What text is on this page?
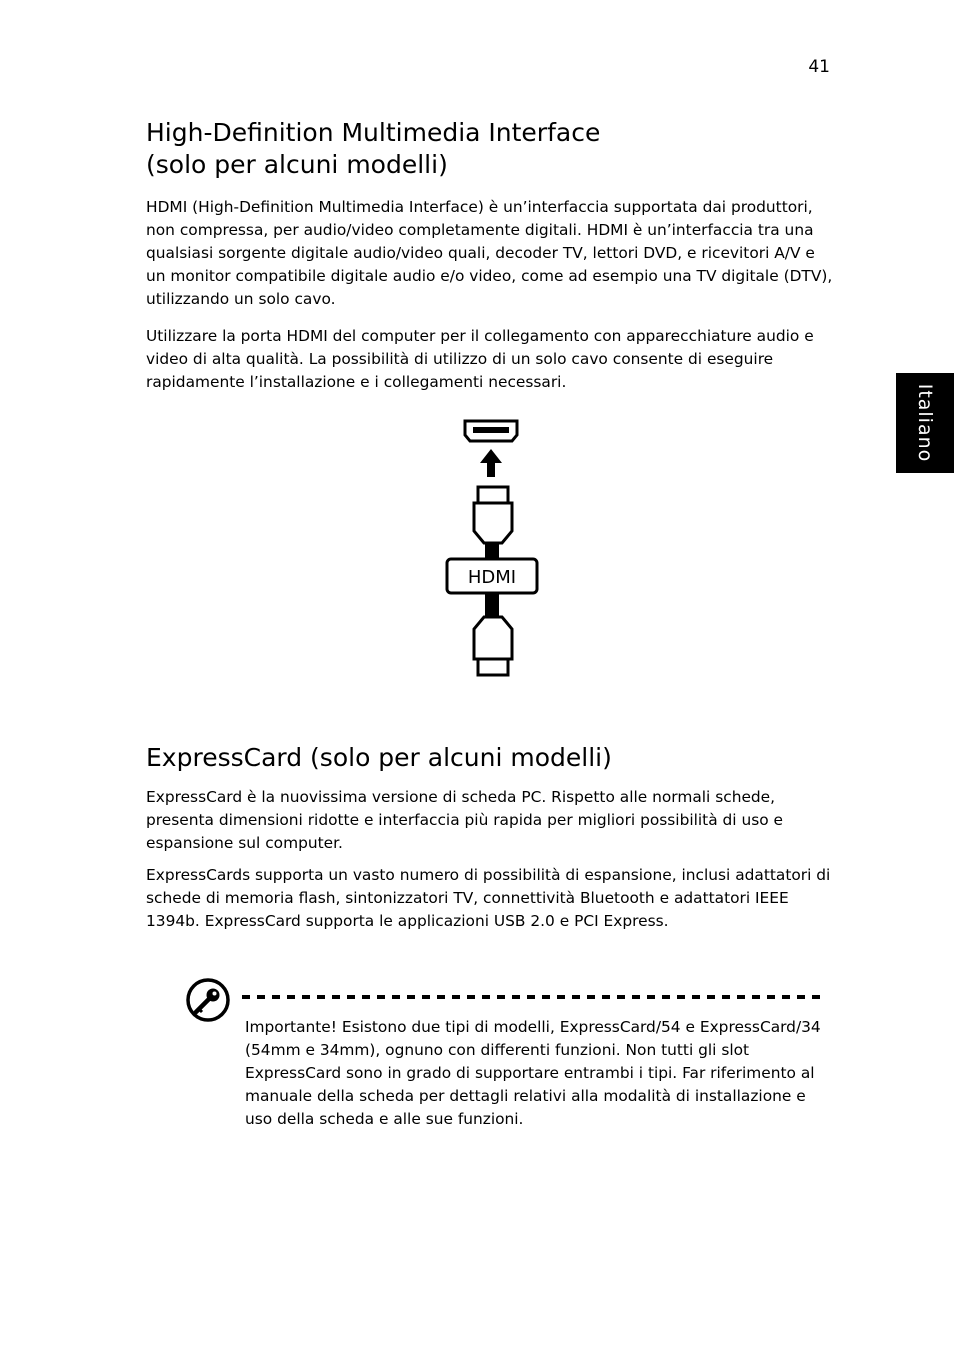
41
Italiano
High-Definition Multimedia Interface
(solo per alcuni modelli)

HDMI (High-Definition Multimedia Interface) è un’interfaccia supportata dai produttori, non compressa, per audio/video completamente digitali. HDMI è un’interfaccia tra una qualsiasi sorgente digitale audio/video quali, decoder TV, lettori DVD, e ricevitori A/V e un monitor compatibile digitale audio e/o video, come ad esempio una TV digitale (DTV), utilizzando un solo cavo.

Utilizzare la porta HDMI del computer per il collegamento con apparecchiature audio e video di alta qualità. La possibilità di utilizzo di un solo cavo consente di eseguire rapidamente l’installazione e i collegamenti necessari.

HDMI
ExpressCard (solo per alcuni modelli)

ExpressCard è la nuovissima versione di scheda PC. Rispetto alle normali schede, presenta dimensioni ridotte e interfaccia più rapida per migliori possibilità di uso e espansione sul computer.

ExpressCards supporta un vasto numero di possibilità di espansione, inclusi adattatori di schede di memoria flash, sintonizzatori TV, connettività Bluetooth e adattatori IEEE 1394b. ExpressCard supporta le applicazioni USB 2.0 e PCI Express.

Importante! Esistono due tipi di modelli, ExpressCard/54 e ExpressCard/34 (54mm e 34mm), ognuno con differenti funzioni. Non tutti gli slot ExpressCard sono in grado di supportare entrambi i tipi. Far riferimento al manuale della scheda per dettagli relativi alla modalità di installazione e uso della scheda e alle sue funzioni.
